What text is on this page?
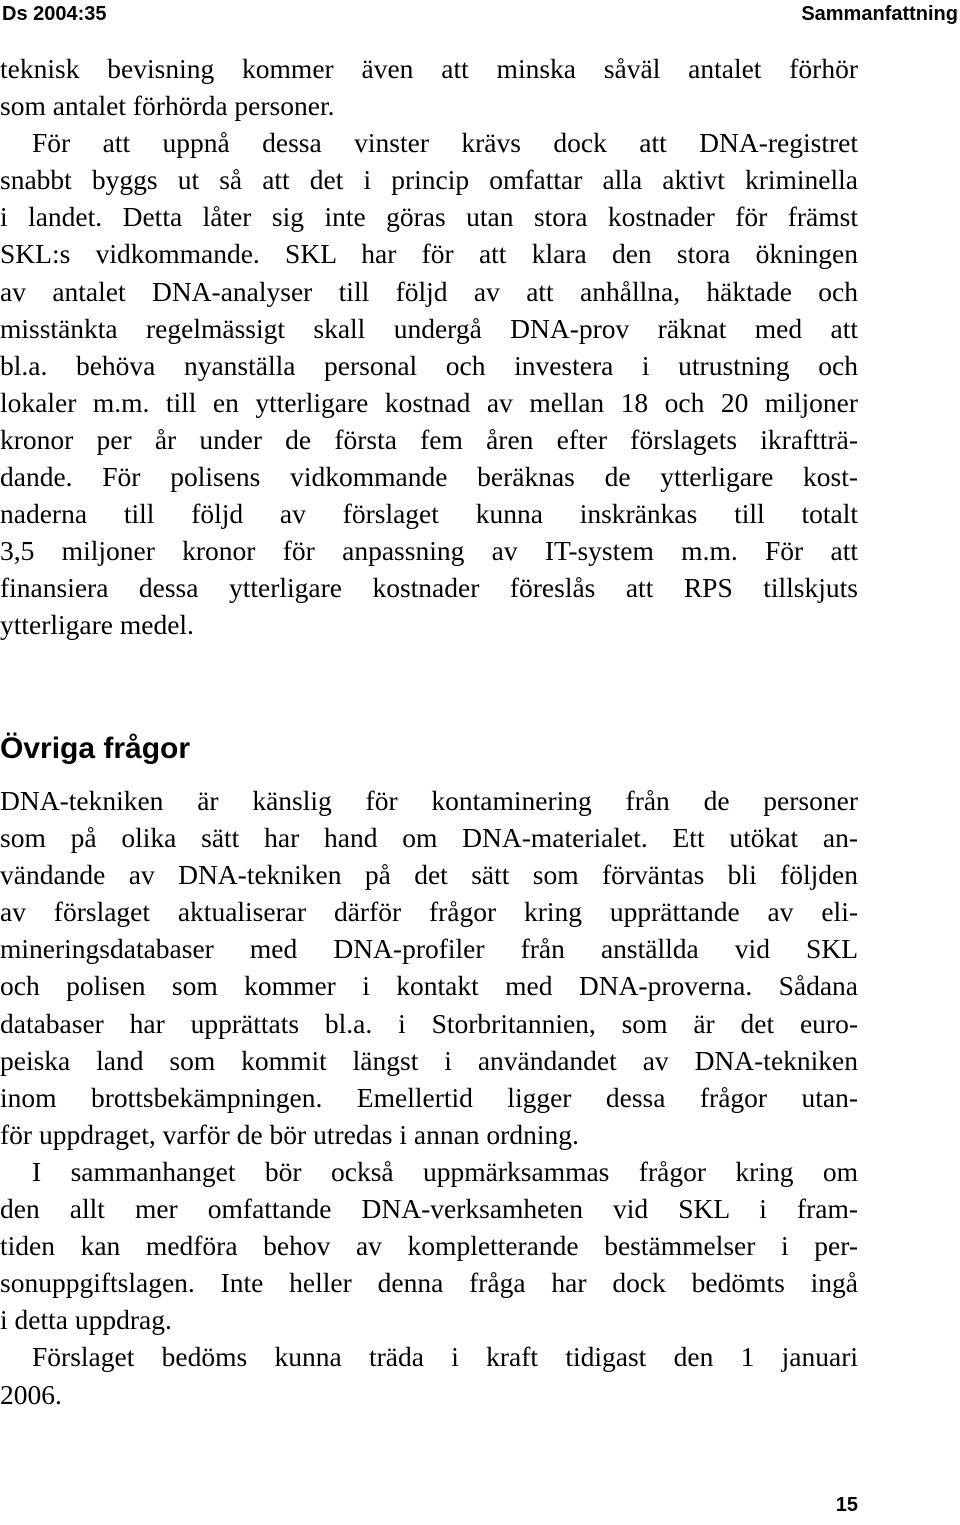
Ds 2004:35	Sammanfattning

teknisk bevisning kommer även att minska såväl antalet förhör

som antalet förhörda personer.

För att uppnå dessa vinster krävs dock att DNA-registret

snabbt byggs ut så att det i princip omfattar alla aktivt kriminella

i landet. Detta låter sig inte göras utan stora kostnader för främst

SKL:s vidkommande. SKL har för att klara den stora ökningen

av antalet DNA-analyser till följd av att anhållna, häktade och

misstänkta regelmässigt skall undergå DNA-prov räknat med att

bl.a. behöva nyanställa personal och investera i utrustning och

lokaler m.m. till en ytterligare kostnad av mellan 18 och 20 miljoner

kronor per år under de första fem åren efter förslagets ikraftträ-

dande. För polisens vidkommande beräknas de ytterligare kost-

naderna till följd av förslaget kunna inskränkas till totalt

3,5 miljoner kronor för anpassning av IT-system m.m. För att

finansiera dessa ytterligare kostnader föreslås att RPS tillskjuts

ytterligare medel.

Övriga frågor

DNA-tekniken är känslig för kontaminering från de personer

som på olika sätt har hand om DNA-materialet. Ett utökat an-

vändande av DNA-tekniken på det sätt som förväntas bli följden

av förslaget aktualiserar därför frågor kring upprättande av eli-

mineringsdatabaser med DNA-profiler från anställda vid SKL

och polisen som kommer i kontakt med DNA-proverna. Sådana

databaser har upprättats bl.a. i Storbritannien, som är det euro-

peiska land som kommit längst i användandet av DNA-tekniken

inom brottsbekämpningen. Emellertid ligger dessa frågor utan-

för uppdraget, varför de bör utredas i annan ordning.

I sammanhanget bör också uppmärksammas frågor kring om

den allt mer omfattande DNA-verksamheten vid SKL i fram-

tiden kan medföra behov av kompletterande bestämmelser i per-

sonuppgiftslagen. Inte heller denna fråga har dock bedömts ingå

i detta uppdrag.

Förslaget bedöms kunna träda i kraft tidigast den 1 januari

2006.

15
